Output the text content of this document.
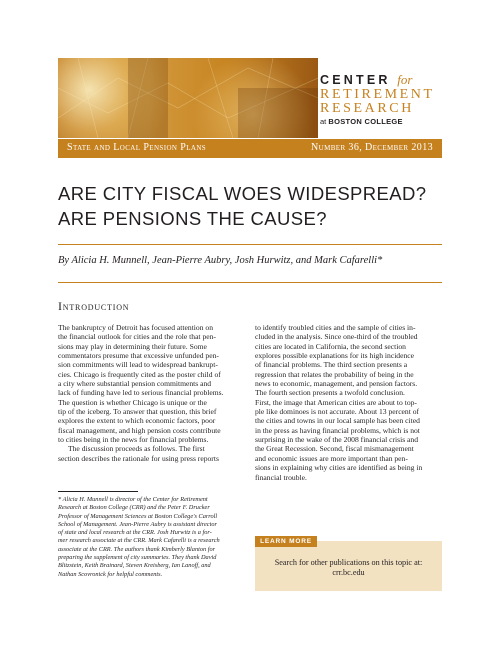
CENTER for
RETIREMENT
RESEARCH
at BOSTON COLLEGE
State and Local Pension Plans	Number 36, December 2013
ARE CITY FISCAL WOES WIDESPREAD?
ARE PENSIONS THE CAUSE?
By Alicia H. Munnell, Jean-Pierre Aubry, Josh Hurwitz, and Mark Cafarelli*
Introduction
The bankruptcy of Detroit has focused attention on
the financial outlook for cities and the role that pen-
sions may play in determining their future. Some
commentators presume that excessive unfunded pen-
sion commitments will lead to widespread bankrupt-
cies. Chicago is frequently cited as the poster child of
a city where substantial pension commitments and
lack of funding have led to serious financial problems.
The question is whether Chicago is unique or the
tip of the iceberg. To answer that question, this brief
explores the extent to which economic factors, poor
fiscal management, and high pension costs contribute
to cities being in the news for financial problems.
The discussion proceeds as follows. The first
section describes the rationale for using press reports
to identify troubled cities and the sample of cities in-
cluded in the analysis. Since one-third of the troubled
cities are located in California, the second section
explores possible explanations for its high incidence
of financial problems. The third section presents a
regression that relates the probability of being in the
news to economic, management, and pension factors.
The fourth section presents a twofold conclusion.
First, the image that American cities are about to top-
ple like dominoes is not accurate. About 13 percent of
the cities and towns in our local sample has been cited
in the press as having financial problems, which is not
surprising in the wake of the 2008 financial crisis and
the Great Recession. Second, fiscal mismanagement
and economic issues are more important than pen-
sions in explaining why cities are identified as being in
financial trouble.
* Alicia H. Munnell is director of the Center for Retirement
Research at Boston College (CRR) and the Peter F. Drucker
Professor of Management Sciences at Boston College's Carroll
School of Management. Jean-Pierre Aubry is assistant director
of state and local research at the CRR. Josh Hurwitz is a for-
mer research associate at the CRR. Mark Cafarelli is a research
associate at the CRR. The authors thank Kimberly Blanton for
preparing the supplement of city summaries. They thank David
Blitzstein, Keith Brainard, Steven Kreisberg, Ian Lanoff, and
Nathan Scovronick for helpful comments.
LEARN MORE
Search for other publications on this topic at:
crr.bc.edu
